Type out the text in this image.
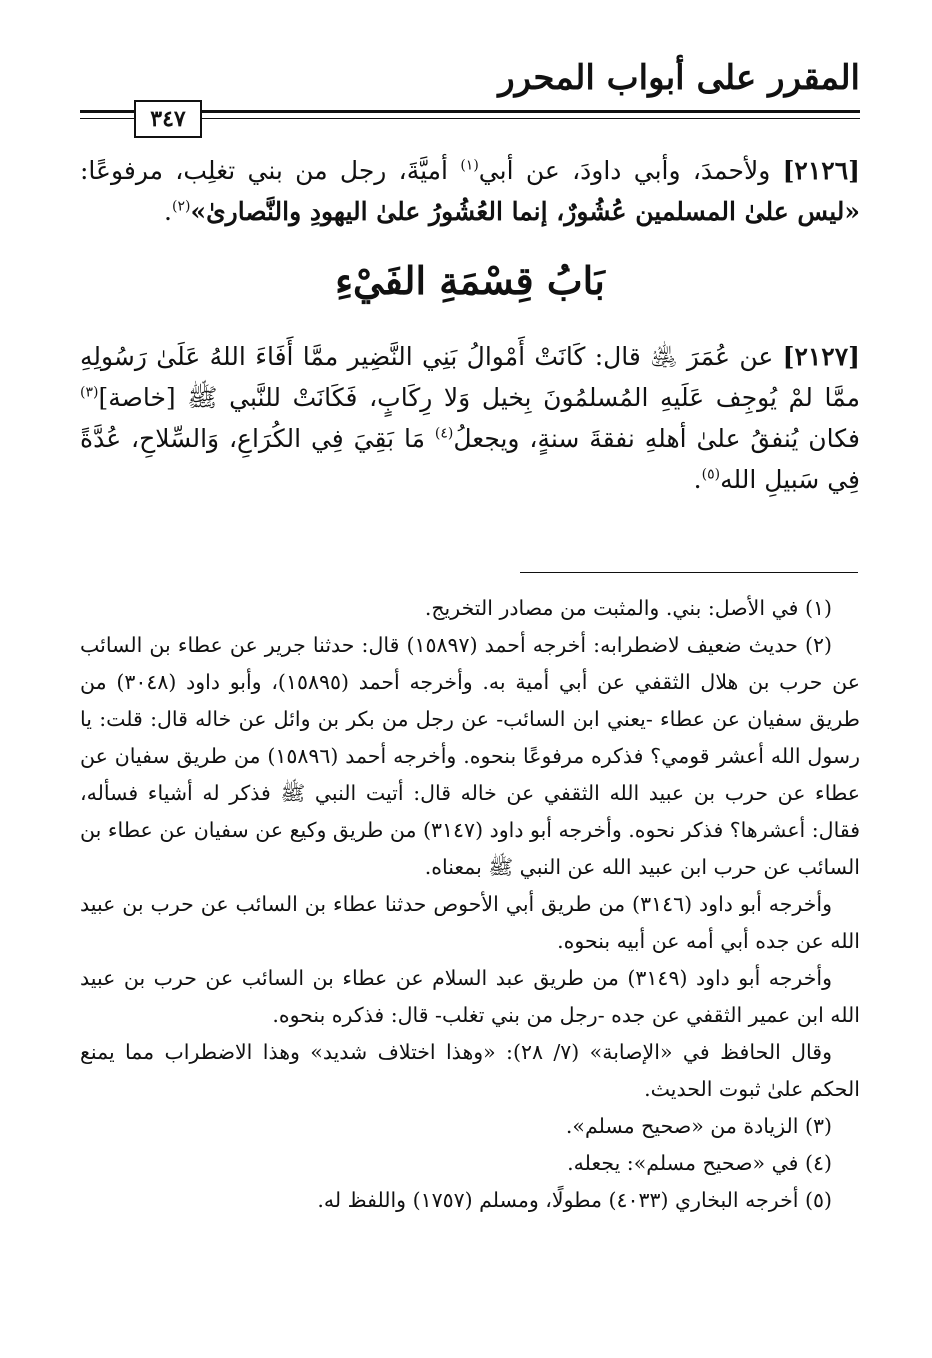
المقرر على أبواب المحرر
٣٤٧

[٢١٢٦] ولأحمدَ، وأبي داودَ، عن أبي$^{(١)}$ أميَّةَ، رجل من بني تغلِب، مرفوعًا: «ليس علىٰ المسلمين عُشُورٌ، إنما العُشُورُ علىٰ اليهودِ والنَّصارىٰ»$^{(٢)}$.

بَابُ قِسْمَةِ الفَيْءِ

[٢١٢٧] عن عُمَرَ ﵁ قال: كَانَتْ أَمْوالُ بَنِي النَّضِير ممَّا أَفَاءَ اللهُ عَلَىٰ رَسُولِهِ ممَّا لمْ يُوجِف عَلَيهِ المُسلمُونَ بِخيل وَلا رِكَابٍ، فَكَانَتْ للنَّبي ﷺ [خاصة]$^{(٣)}$ فكان يُنفقُ علىٰ أهلهِ نفقةَ سنةٍ، ويجعلُ$^{(٤)}$ مَا بَقِيَ فِي الكُرَاعِ، وَالسِّلاحِ، عُدَّةً فِي سَبيلِ الله$^{(٥)}$.

(١) في الأصل: بني. والمثبت من مصادر التخريج.

(٢) حديث ضعيف لاضطرابه: أخرجه أحمد (١٥٨٩٧) قال: حدثنا جرير عن عطاء بن السائب عن حرب بن هلال الثقفي عن أبي أمية به. وأخرجه أحمد (١٥٨٩٥)، وأبو داود (٣٠٤٨) من طريق سفيان عن عطاء -يعني ابن السائب- عن رجل من بكر بن وائل عن خاله قال: قلت: يا رسول الله أعشر قومي؟ فذكره مرفوعًا بنحوه. وأخرجه أحمد (١٥٨٩٦) من طريق سفيان عن عطاء عن حرب بن عبيد الله الثقفي عن خاله قال: أتيت النبي ﷺ فذكر له أشياء فسأله، فقال: أعشرها؟ فذكر نحوه. وأخرجه أبو داود (٣١٤٧) من طريق وكيع عن سفيان عن عطاء بن السائب عن حرب ابن عبيد الله عن النبي ﷺ بمعناه.

وأخرجه أبو داود (٣١٤٦) من طريق أبي الأحوص حدثنا عطاء بن السائب عن حرب بن عبيد الله عن جده أبي أمه عن أبيه بنحوه.

وأخرجه أبو داود (٣١٤٩) من طريق عبد السلام عن عطاء بن السائب عن حرب بن عبيد الله ابن عمير الثقفي عن جده -رجل من بني تغلب- قال: فذكره بنحوه.

وقال الحافظ في «الإصابة» (٧/ ٢٨): «وهذا اختلاف شديد» وهذا الاضطراب مما يمنع الحكم علىٰ ثبوت الحديث.

(٣) الزيادة من «صحيح مسلم».

(٤) في «صحيح مسلم»: يجعله.

(٥) أخرجه البخاري (٤٠٣٣) مطولًا، ومسلم (١٧٥٧) واللفظ له.
